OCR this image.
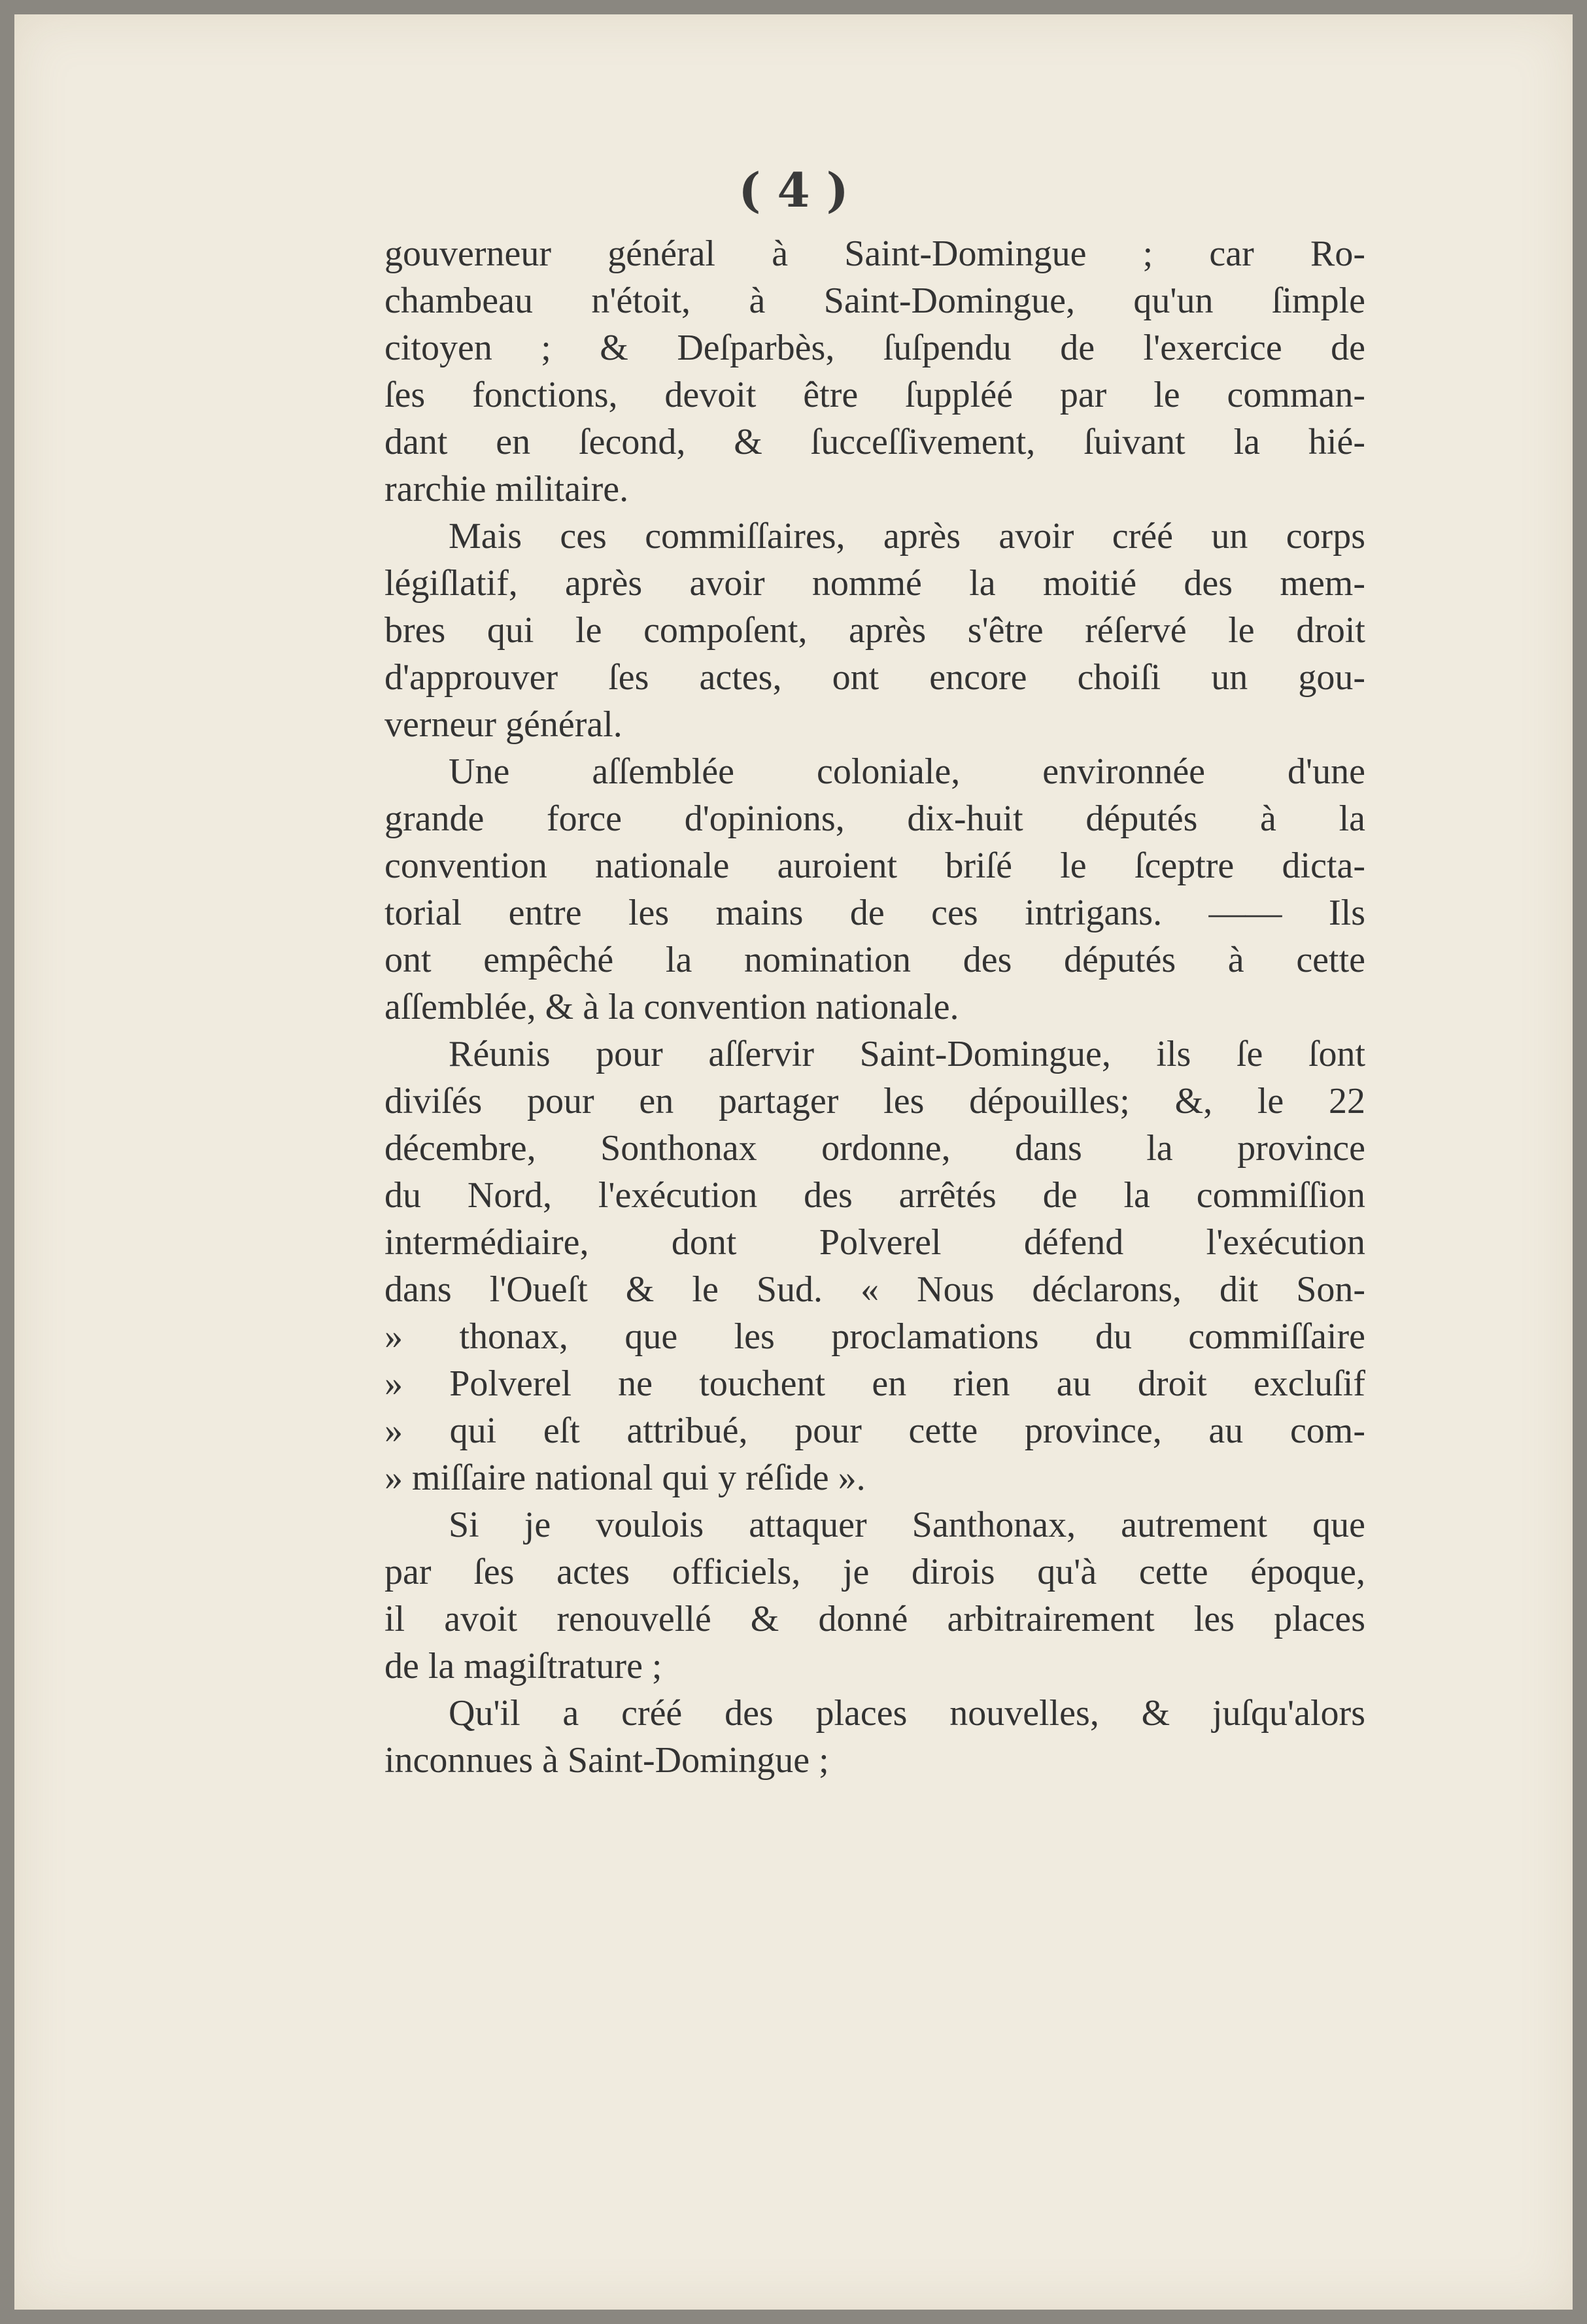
( 4 )
gouverneur général à Saint-Domingue ; car Ro-
chambeau n'étoit, à Saint-Domingue, qu'un ſimple
citoyen ; & Deſparbès, ſuſpendu de l'exercice de
ſes fonctions, devoit être ſuppléé par le comman-
dant en ſecond, & ſucceſſivement, ſuivant la hié-
rarchie militaire.
Mais ces commiſſaires, après avoir créé un corps
légiſlatif, après avoir nommé la moitié des mem-
bres qui le compoſent, après s'être réſervé le droit
d'approuver ſes actes, ont encore choiſi un gou-
verneur général.
Une aſſemblée coloniale, environnée d'une
grande force d'opinions, dix-huit députés à la
convention nationale auroient briſé le ſceptre dicta-
torial entre les mains de ces intrigans. —— Ils
ont empêché la nomination des députés à cette
aſſemblée, & à la convention nationale.
Réunis pour aſſervir Saint-Domingue, ils ſe ſont
diviſés pour en partager les dépouilles; &, le 22
décembre, Sonthonax ordonne, dans la province
du Nord, l'exécution des arrêtés de la commiſſion
intermédiaire, dont Polverel défend l'exécution
dans l'Oueſt & le Sud. « Nous déclarons, dit Son-
» thonax, que les proclamations du commiſſaire
» Polverel ne touchent en rien au droit excluſif
» qui eſt attribué, pour cette province, au com-
» miſſaire national qui y réſide ».
Si je voulois attaquer Santhonax, autrement que
par ſes actes officiels, je dirois qu'à cette époque,
il avoit renouvellé & donné arbitrairement les places
de la magiſtrature ;
Qu'il a créé des places nouvelles, & juſqu'alors
inconnues à Saint-Domingue ;
